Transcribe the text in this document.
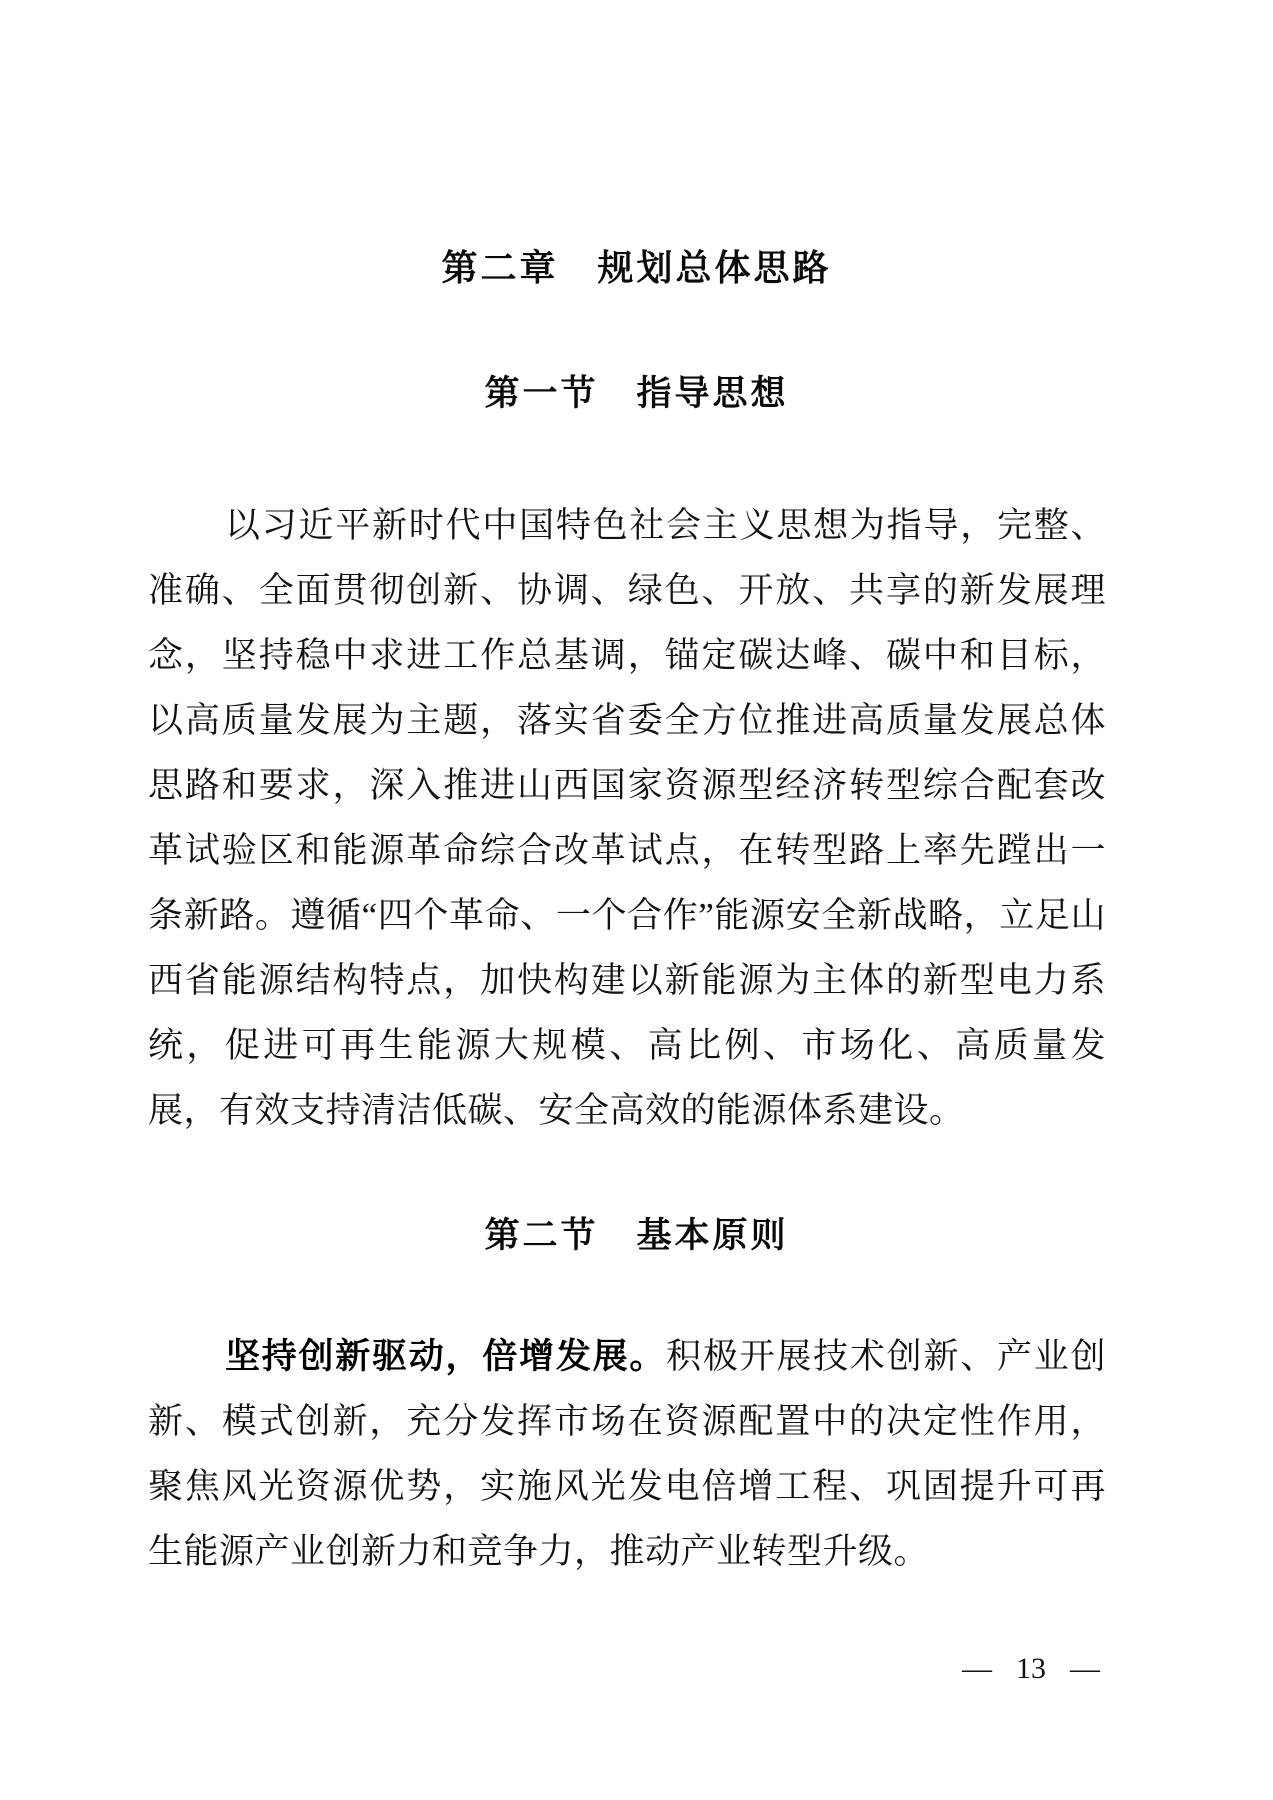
第二章　规划总体思路
第一节　指导思想

以习近平新时代中国特色社会主义思想为指导，完整、准确、全面贯彻创新、协调、绿色、开放、共享的新发展理念，坚持稳中求进工作总基调，锚定碳达峰、碳中和目标，以高质量发展为主题，落实省委全方位推进高质量发展总体思路和要求，深入推进山西国家资源型经济转型综合配套改革试验区和能源革命综合改革试点，在转型路上率先蹚出一条新路。遵循“四个革命、一个合作”能源安全新战略，立足山西省能源结构特点，加快构建以新能源为主体的新型电力系统，促进可再生能源大规模、高比例、市场化、高质量发展，有效支持清洁低碳、安全高效的能源体系建设。

第二节　基本原则

坚持创新驱动，倍增发展。积极开展技术创新、产业创新、模式创新，充分发挥市场在资源配置中的决定性作用，聚焦风光资源优势，实施风光发电倍增工程、巩固提升可再生能源产业创新力和竞争力，推动产业转型升级。

— 13 —
